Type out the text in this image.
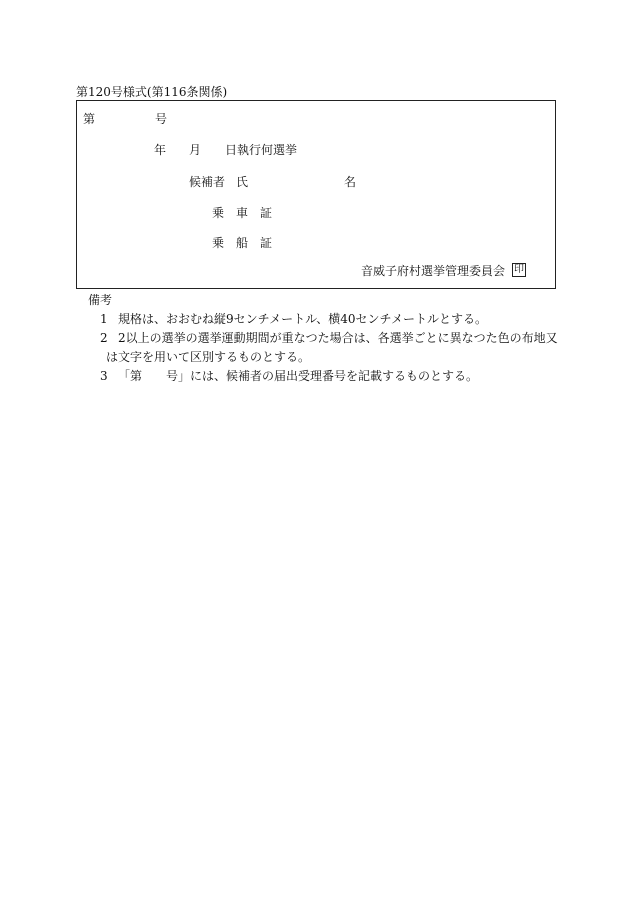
第120号様式(第116条関係)
第	号
年 月 日執行何選挙
候補者 氏	名
乗 車 証
乗 船 証
音威子府村選挙管理委員会 印
備考
1 規格は、おおむね縦9センチメートル、横40センチメートルとする。
2 2以上の選挙の選挙運動期間が重なつた場合は、各選挙ごとに異なつた色の布地又
は文字を用いて区別するものとする。
3 「第　　号」には、候補者の届出受理番号を記載するものとする。
